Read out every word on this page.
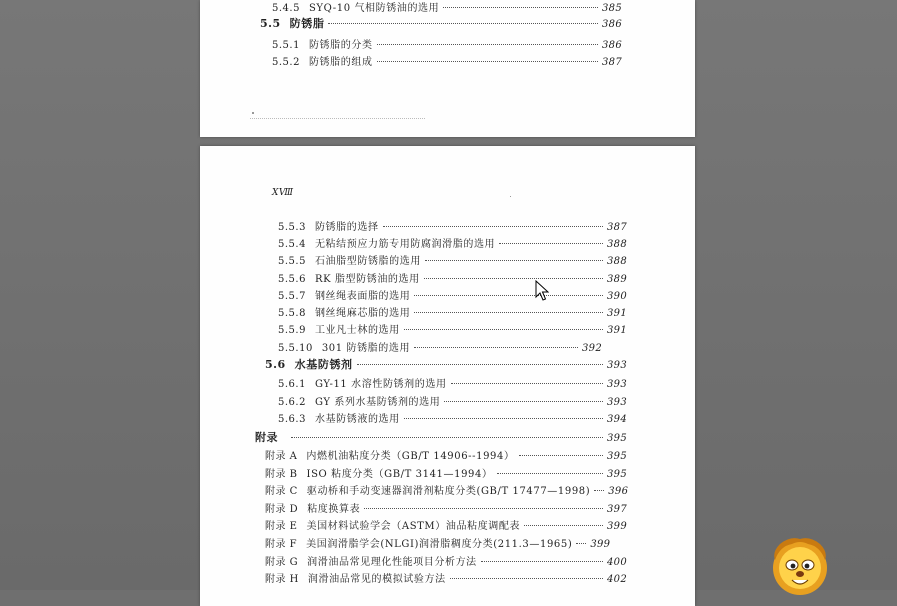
5.4.5 SYQ-10 气相防锈油的选用	385
5.5 防锈脂	386
5.5.1 防锈脂的分类	386
5.5.2 防锈脂的组成	387
XⅧ
5.5.3 防锈脂的选择	387
5.5.4 无粘结预应力筋专用防腐润滑脂的选用	388
5.5.5 石油脂型防锈脂的选用	388
5.5.6 RK 脂型防锈油的选用	389
5.5.7 钢丝绳表面脂的选用	390
5.5.8 钢丝绳麻芯脂的选用	391
5.5.9 工业凡士林的选用	391
5.5.10 301 防锈脂的选用	392
5.6 水基防锈剂	393
5.6.1 GY-11 水溶性防锈剂的选用	393
5.6.2 GY 系列水基防锈剂的选用	393
5.6.3 水基防锈液的选用	394
附录	395
附录 A 内燃机油粘度分类（GB/T 14906--1994）	395
附录 B ISO 粘度分类（GB/T 3141—1994）	395
附录 C 驱动桥和手动变速器润滑剂粘度分类(GB/T 17477—1998) 396
附录 D 粘度换算表	397
附录 E 美国材料试验学会（ASTM）油品粘度调配表	399
附录 F 美国润滑脂学会(NLGI)润滑脂稠度分类(211.3—1965) 399
附录 G 润滑油品常见理化性能项目分析方法	400
附录 H 润滑油品常见的模拟试验方法	402
